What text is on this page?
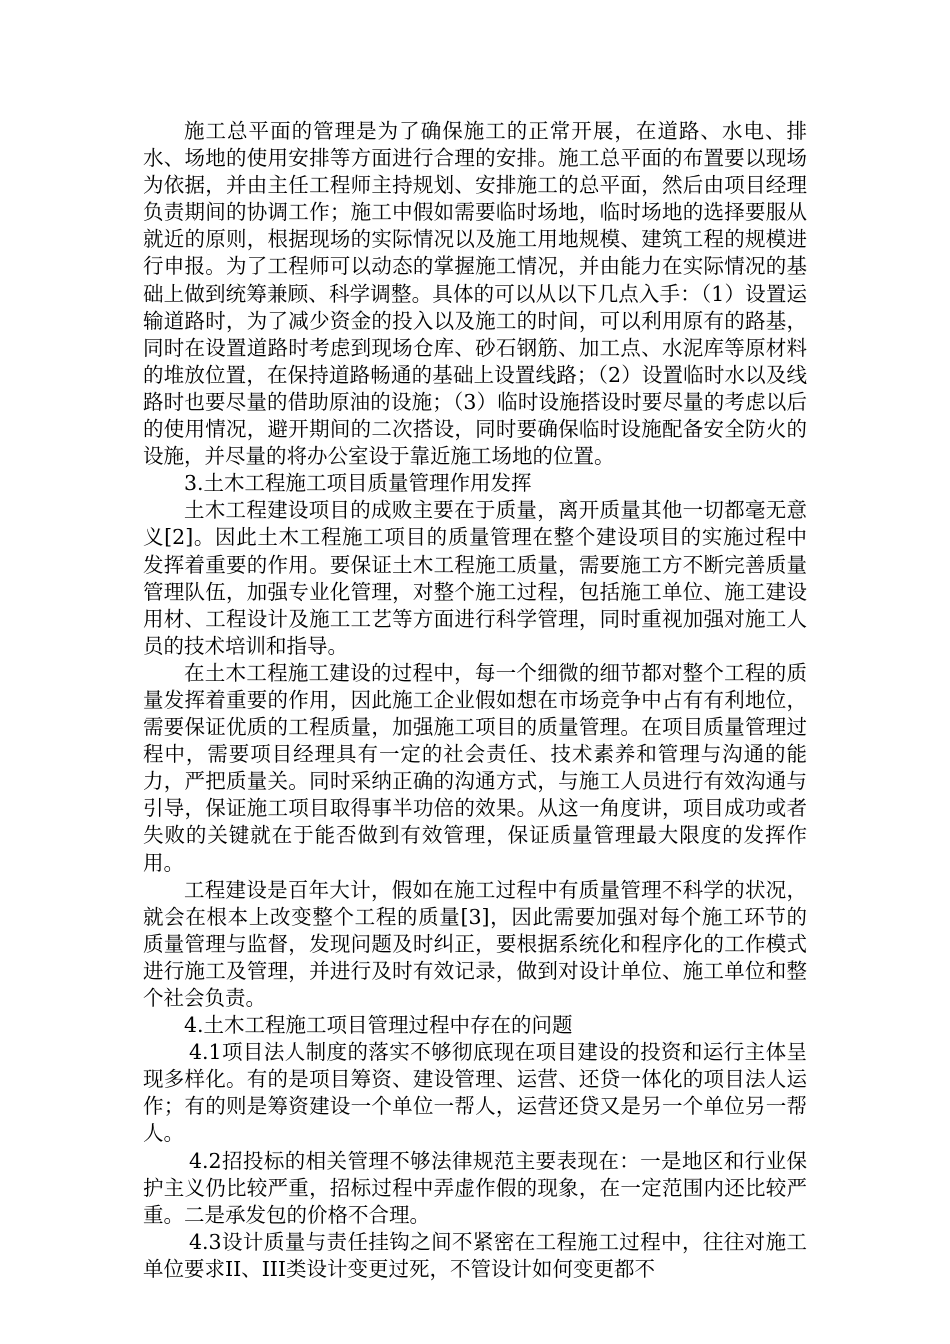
施工总平面的管理是为了确保施工的正常开展，在道路、水电、排水、场地的使用安排等方面进行合理的安排。施工总平面的布置要以现场为依据，并由主任工程师主持规划、安排施工的总平面，然后由项目经理负责期间的协调工作；施工中假如需要临时场地，临时场地的选择要服从就近的原则，根据现场的实际情况以及施工用地规模、建筑工程的规模进行申报。为了工程师可以动态的掌握施工情况，并由能力在实际情况的基础上做到统筹兼顾、科学调整。具体的可以从以下几点入手：（1）设置运输道路时，为了减少资金的投入以及施工的时间，可以利用原有的路基，同时在设置道路时考虑到现场仓库、砂石钢筋、加工点、水泥库等原材料的堆放位置，在保持道路畅通的基础上设置线路；（2）设置临时水以及线路时也要尽量的借助原油的设施；（3）临时设施搭设时要尽量的考虑以后的使用情况，避开期间的二次搭设，同时要确保临时设施配备安全防火的设施，并尽量的将办公室设于靠近施工场地的位置。

3.土木工程施工项目质量管理作用发挥

土木工程建设项目的成败主要在于质量，离开质量其他一切都毫无意义[2]。因此土木工程施工项目的质量管理在整个建设项目的实施过程中发挥着重要的作用。要保证土木工程施工质量，需要施工方不断完善质量管理队伍，加强专业化管理，对整个施工过程，包括施工单位、施工建设用材、工程设计及施工工艺等方面进行科学管理，同时重视加强对施工人员的技术培训和指导。

在土木工程施工建设的过程中，每一个细微的细节都对整个工程的质量发挥着重要的作用，因此施工企业假如想在市场竞争中占有有利地位，需要保证优质的工程质量，加强施工项目的质量管理。在项目质量管理过程中，需要项目经理具有一定的社会责任、技术素养和管理与沟通的能力，严把质量关。同时采纳正确的沟通方式，与施工人员进行有效沟通与引导，保证施工项目取得事半功倍的效果。从这一角度讲，项目成功或者失败的关键就在于能否做到有效管理，保证质量管理最大限度的发挥作用。

工程建设是百年大计，假如在施工过程中有质量管理不科学的状况，就会在根本上改变整个工程的质量[3]，因此需要加强对每个施工环节的质量管理与监督，发现问题及时纠正，要根据系统化和程序化的工作模式进行施工及管理，并进行及时有效记录，做到对设计单位、施工单位和整个社会负责。

4.土木工程施工项目管理过程中存在的问题

4.1项目法人制度的落实不够彻底现在项目建设的投资和运行主体呈现多样化。有的是项目筹资、建设管理、运营、还贷一体化的项目法人运作；有的则是筹资建设一个单位一帮人，运营还贷又是另一个单位另一帮人。

4.2招投标的相关管理不够法律规范主要表现在：一是地区和行业保护主义仍比较严重，招标过程中弄虚作假的现象，在一定范围内还比较严重。二是承发包的价格不合理。

4.3设计质量与责任挂钩之间不紧密在工程施工过程中，往往对施工单位要求II、III类设计变更过死，不管设计如何变更都不
